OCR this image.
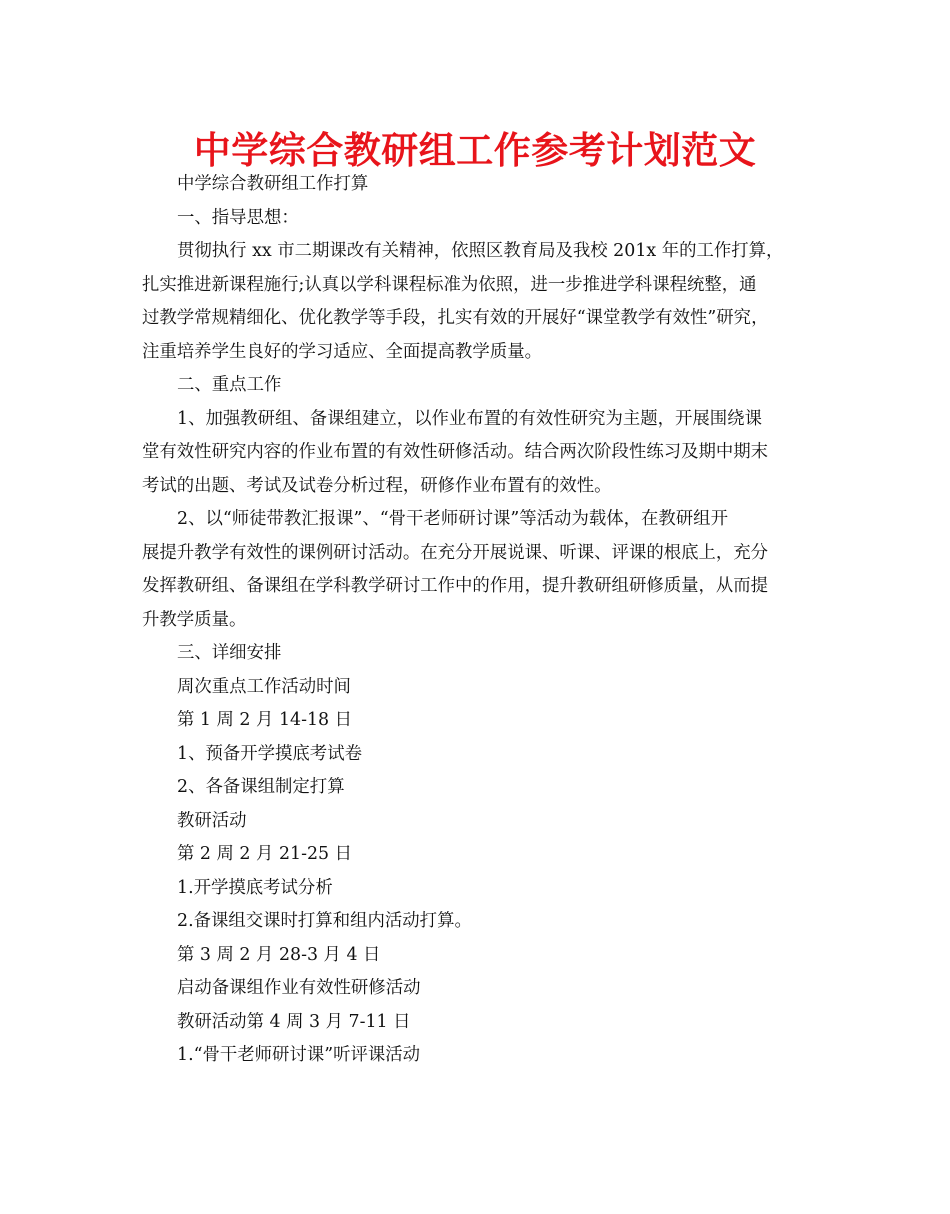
中学综合教研组工作参考计划范文

中学综合教研组工作打算

一、指导思想：

贯彻执行 xx 市二期课改有关精神，依照区教育局及我校 201x 年的工作打算，

扎实推进新课程施行;认真以学科课程标准为依照，进一步推进学科课程统整，通

过教学常规精细化、优化教学等手段，扎实有效的开展好“课堂教学有效性”研究，

注重培养学生良好的学习适应、全面提高教学质量。

二、重点工作

1、加强教研组、备课组建立，以作业布置的有效性研究为主题，开展围绕课

堂有效性研究内容的作业布置的有效性研修活动。结合两次阶段性练习及期中期末

考试的出题、考试及试卷分析过程，研修作业布置有的效性。

2、以“师徒带教汇报课”、“骨干老师研讨课”等活动为载体，在教研组开

展提升教学有效性的课例研讨活动。在充分开展说课、听课、评课的根底上，充分

发挥教研组、备课组在学科教学研讨工作中的作用，提升教研组研修质量，从而提

升教学质量。

三、详细安排

周次重点工作活动时间

第 1 周 2 月 14-18 日

1、预备开学摸底考试卷

2、各备课组制定打算

教研活动

第 2 周 2 月 21-25 日

1.开学摸底考试分析

2.备课组交课时打算和组内活动打算。

第 3 周 2 月 28-3 月 4 日

启动备课组作业有效性研修活动

教研活动第 4 周 3 月 7-11 日

1.“骨干老师研讨课”听评课活动
